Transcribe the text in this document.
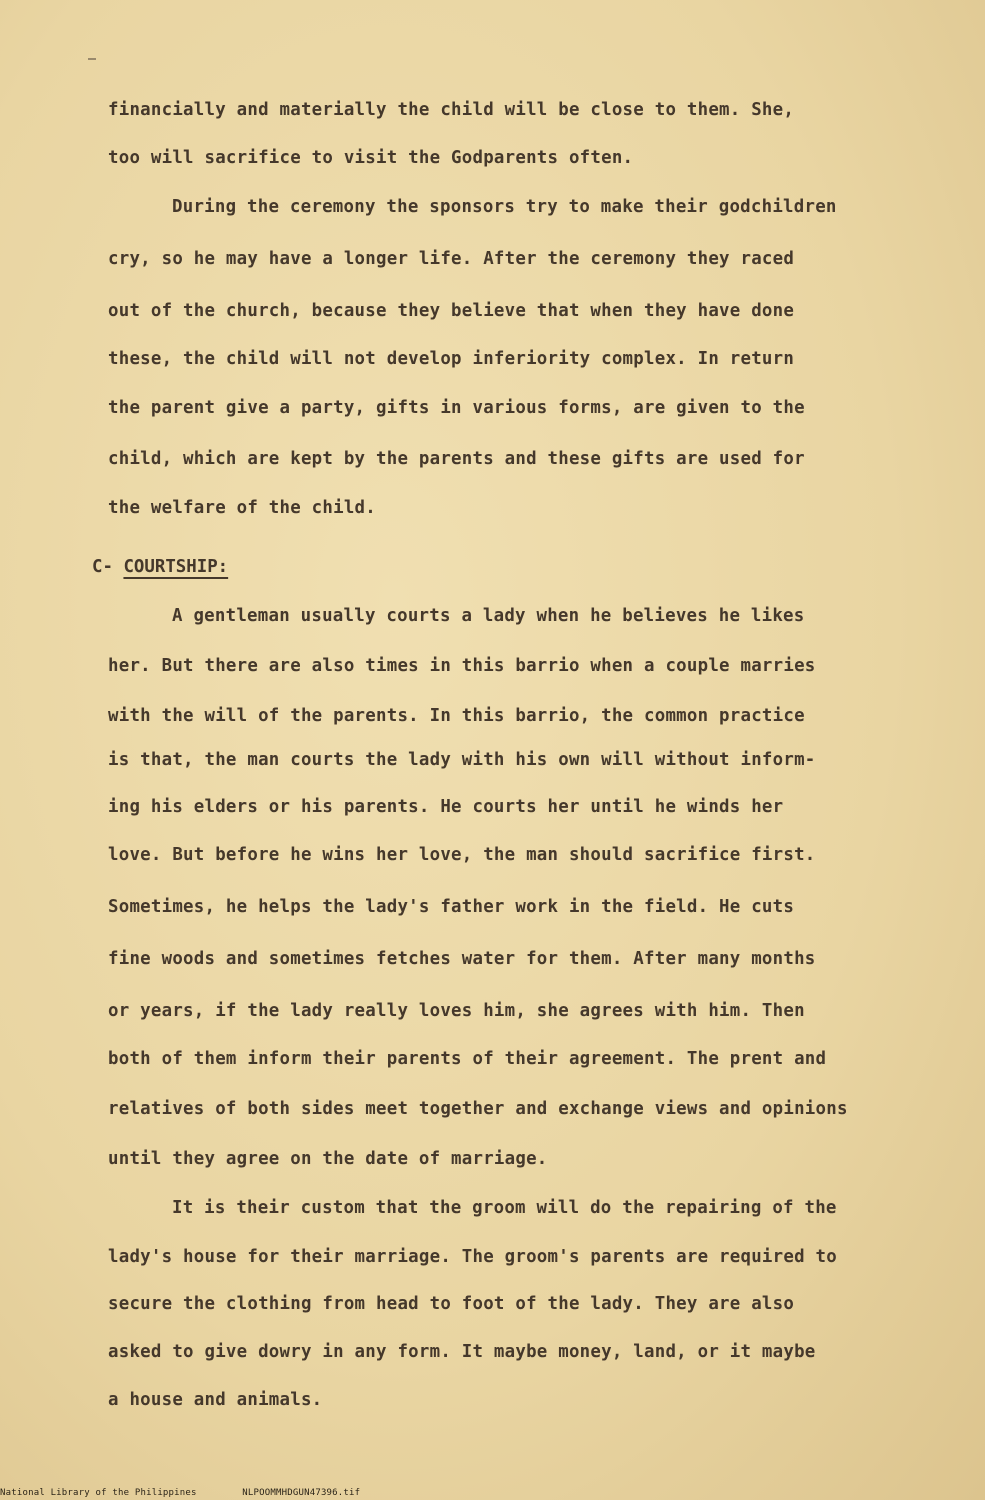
financially and materially the child will be close to them. She,
too will sacrifice to visit the Godparents often.
During the ceremony the sponsors try to make their godchildren
cry, so he may have a longer life. After the ceremony they raced
out of the church, because they believe that when they have done
these, the child will not develop inferiority complex. In return
the parent give a party, gifts in various forms, are given to the
child, which are kept by the parents and these gifts are used for
the welfare of the child.
C- COURTSHIP:
A gentleman usually courts a lady when he believes he likes
her. But there are also times in this barrio when a couple marries
with the will of the parents. In this barrio, the common practice
is that, the man courts the lady with his own will without inform-
ing his elders or his parents. He courts her until he winds her
love. But before he wins her love, the man should sacrifice first.
Sometimes, he helps the lady's father work in the field. He cuts
fine woods and sometimes fetches water for them. After many months
or years, if the lady really loves him, she agrees with him. Then
both of them inform their parents of their agreement. The prent and
relatives of both sides meet together and exchange views and opinions
until they agree on the date of marriage.
It is their custom that the groom will do the repairing of the
lady's house for their marriage. The groom's parents are required to
secure the clothing from head to foot of the lady. They are also
asked to give dowry in any form. It maybe money, land, or it maybe
a house and animals.
National Library of the Philippines	NLPOOMMHDGUN47396.tif
